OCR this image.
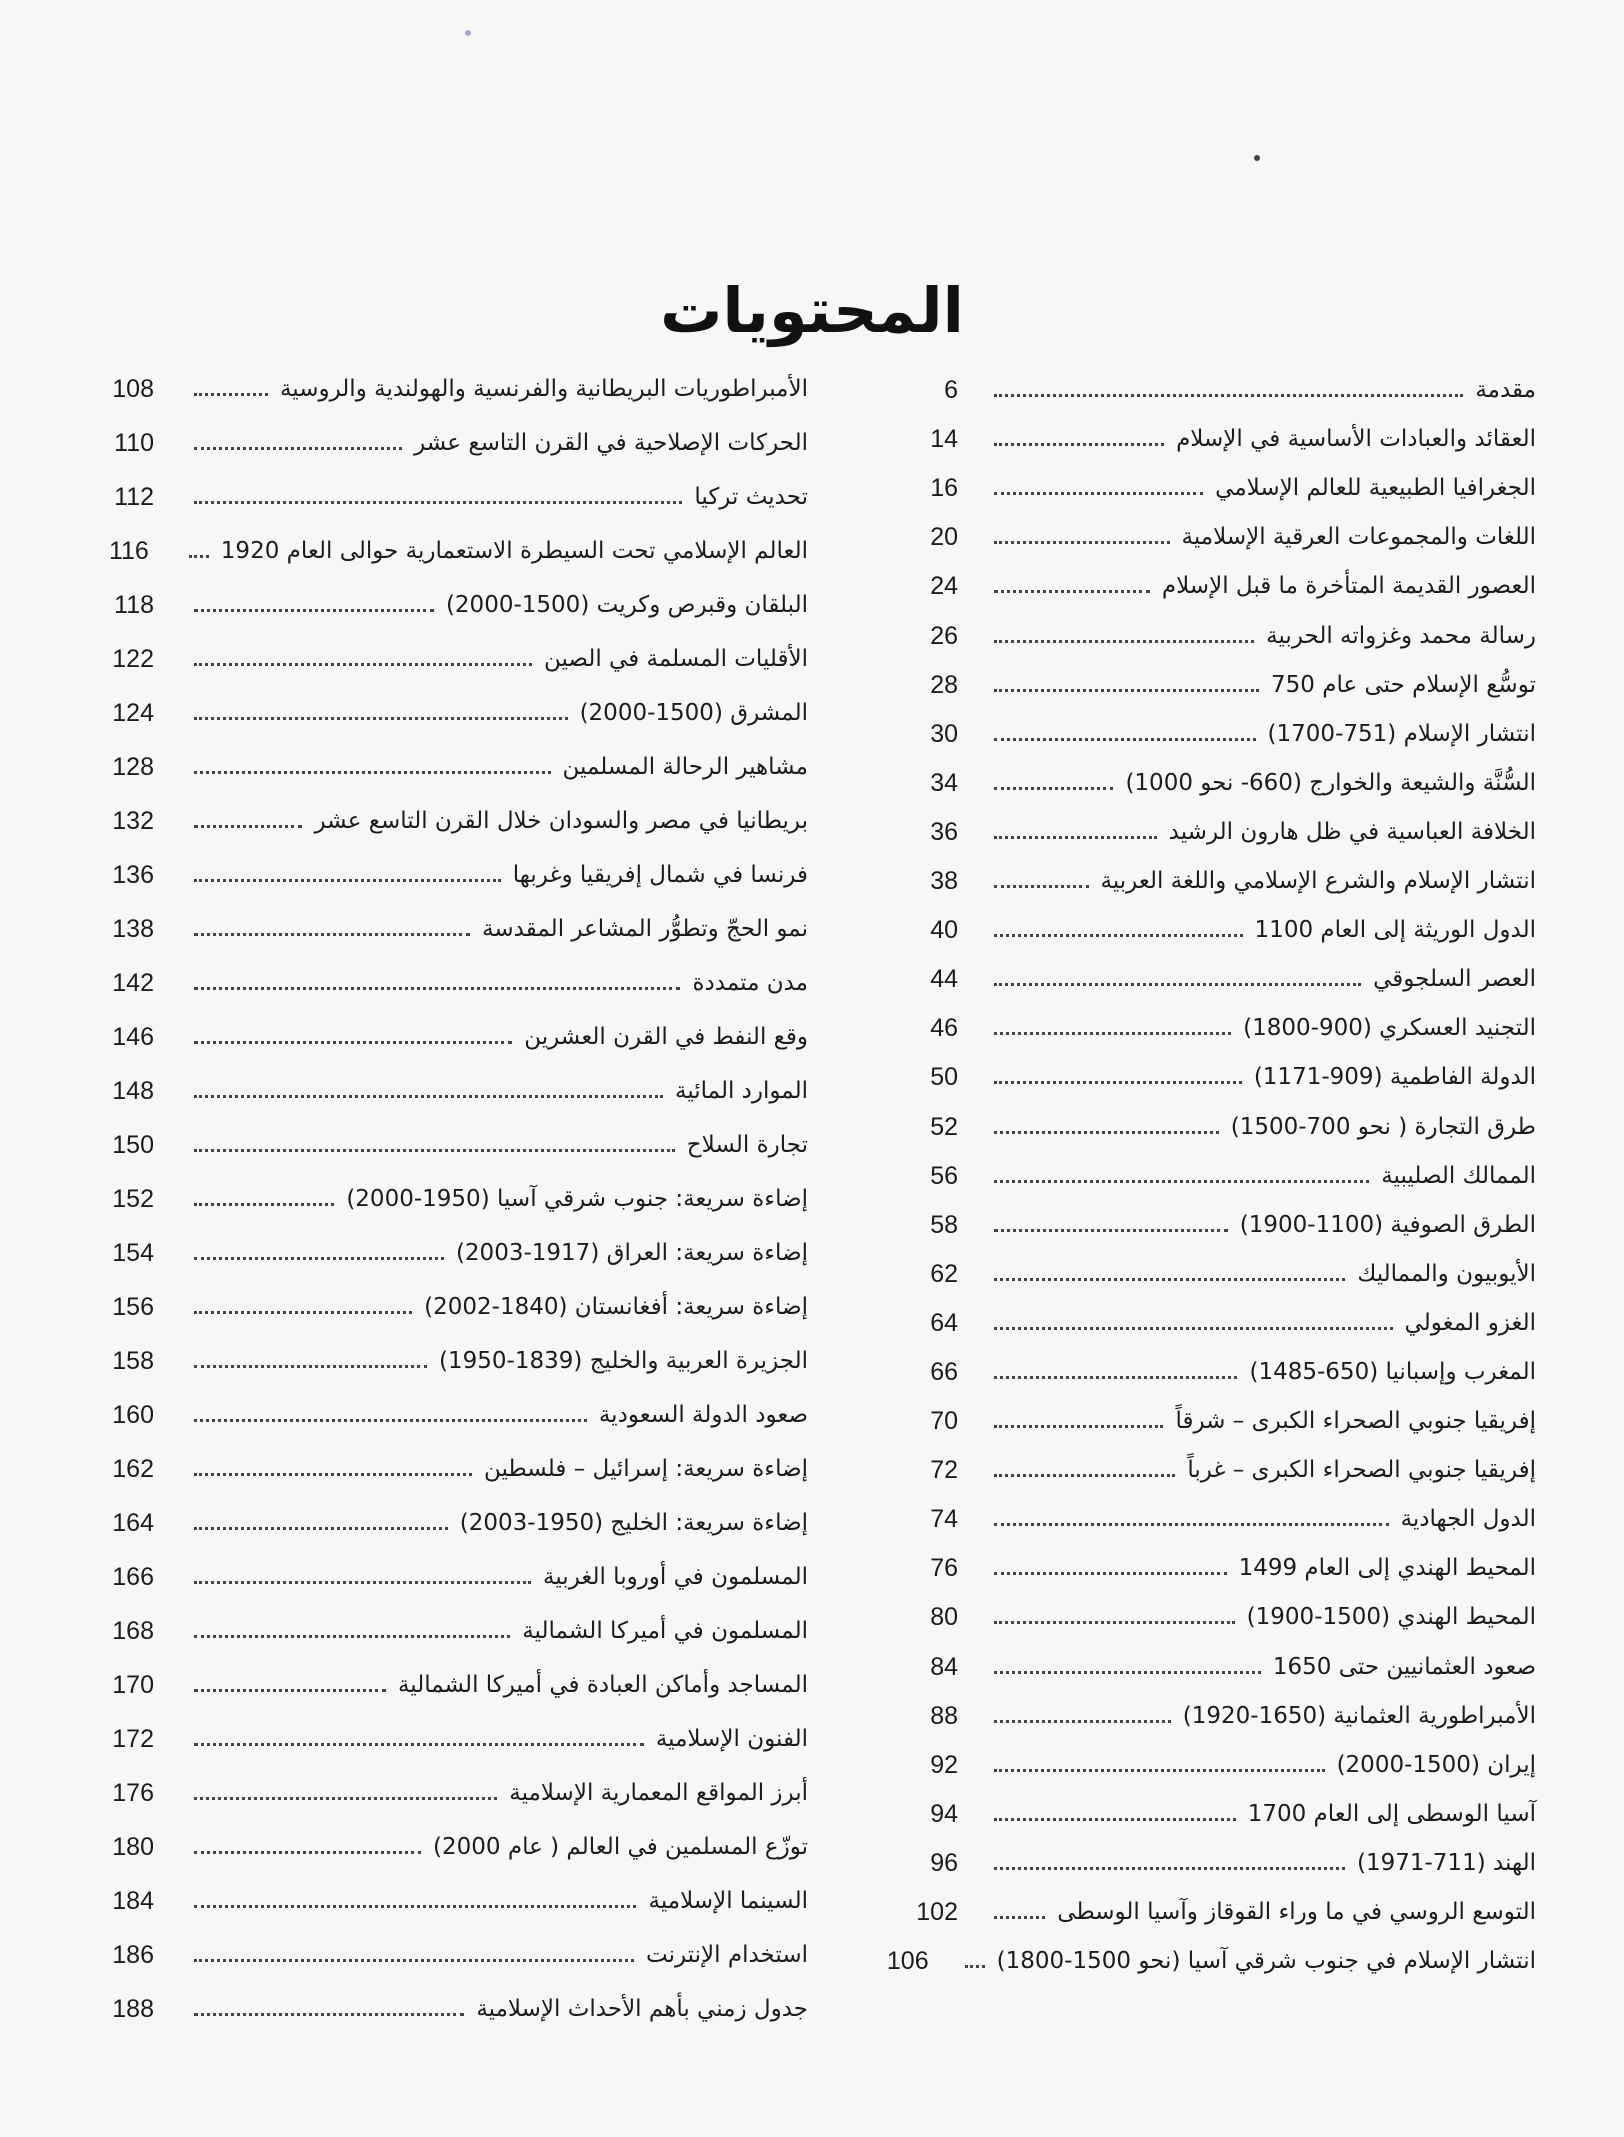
المحتويات
مقدمة
6
العقائد والعبادات الأساسية في الإسلام
14
الجغرافيا الطبيعية للعالم الإسلامي
16
اللغات والمجموعات العرقية الإسلامية
20
العصور القديمة المتأخرة ما قبل الإسلام
24
رسالة محمد وغزواته الحربية
26
توسُّع الإسلام حتى عام 750
28
انتشار الإسلام (751-1700)
30
السُّنَّة والشيعة والخوارج (660- نحو 1000)
34
الخلافة العباسية في ظل هارون الرشيد
36
انتشار الإسلام والشرع الإسلامي واللغة العربية
38
الدول الوريثة إلى العام 1100
40
العصر السلجوقي
44
التجنيد العسكري (900-1800)
46
الدولة الفاطمية (909-1171)
50
طرق التجارة ( نحو 700-1500)
52
الممالك الصليبية
56
الطرق الصوفية (1100-1900)
58
الأيوبيون والمماليك
62
الغزو المغولي
64
المغرب وإسبانيا (650-1485)
66
إفريقيا جنوبي الصحراء الكبرى – شرقاً
70
إفريقيا جنوبي الصحراء الكبرى – غرباً
72
الدول الجهادية
74
المحيط الهندي إلى العام 1499
76
المحيط الهندي (1500-1900)
80
صعود العثمانيين حتى 1650
84
الأمبراطورية العثمانية (1650-1920)
88
إيران (1500-2000)
92
آسيا الوسطى إلى العام 1700
94
الهند (711-1971)
96
التوسع الروسي في ما وراء القوقاز وآسيا الوسطى
102
انتشار الإسلام في جنوب شرقي آسيا (نحو 1500-1800)
106
الأمبراطوريات البريطانية والفرنسية والهولندية والروسية
108
الحركات الإصلاحية في القرن التاسع عشر
110
تحديث تركيا
112
العالم الإسلامي تحت السيطرة الاستعمارية حوالى العام 1920
116
البلقان وقبرص وكريت (1500-2000)
118
الأقليات المسلمة في الصين
122
المشرق (1500-2000)
124
مشاهير الرحالة المسلمين
128
بريطانيا في مصر والسودان خلال القرن التاسع عشر
132
فرنسا في شمال إفريقيا وغربها
136
نمو الحجّ وتطوُّر المشاعر المقدسة
138
مدن متمددة
142
وقع النفط في القرن العشرين
146
الموارد المائية
148
تجارة السلاح
150
إضاءة سريعة: جنوب شرقي آسيا (1950-2000)
152
إضاءة سريعة: العراق (1917-2003)
154
إضاءة سريعة: أفغانستان (1840-2002)
156
الجزيرة العربية والخليج (1839-1950)
158
صعود الدولة السعودية
160
إضاءة سريعة: إسرائيل – فلسطين
162
إضاءة سريعة: الخليج (1950-2003)
164
المسلمون في أوروبا الغربية
166
المسلمون في أميركا الشمالية
168
المساجد وأماكن العبادة في أميركا الشمالية
170
الفنون الإسلامية
172
أبرز المواقع المعمارية الإسلامية
176
توزّع المسلمين في العالم ( عام 2000)
180
السينما الإسلامية
184
استخدام الإنترنت
186
جدول زمني بأهم الأحداث الإسلامية
188
